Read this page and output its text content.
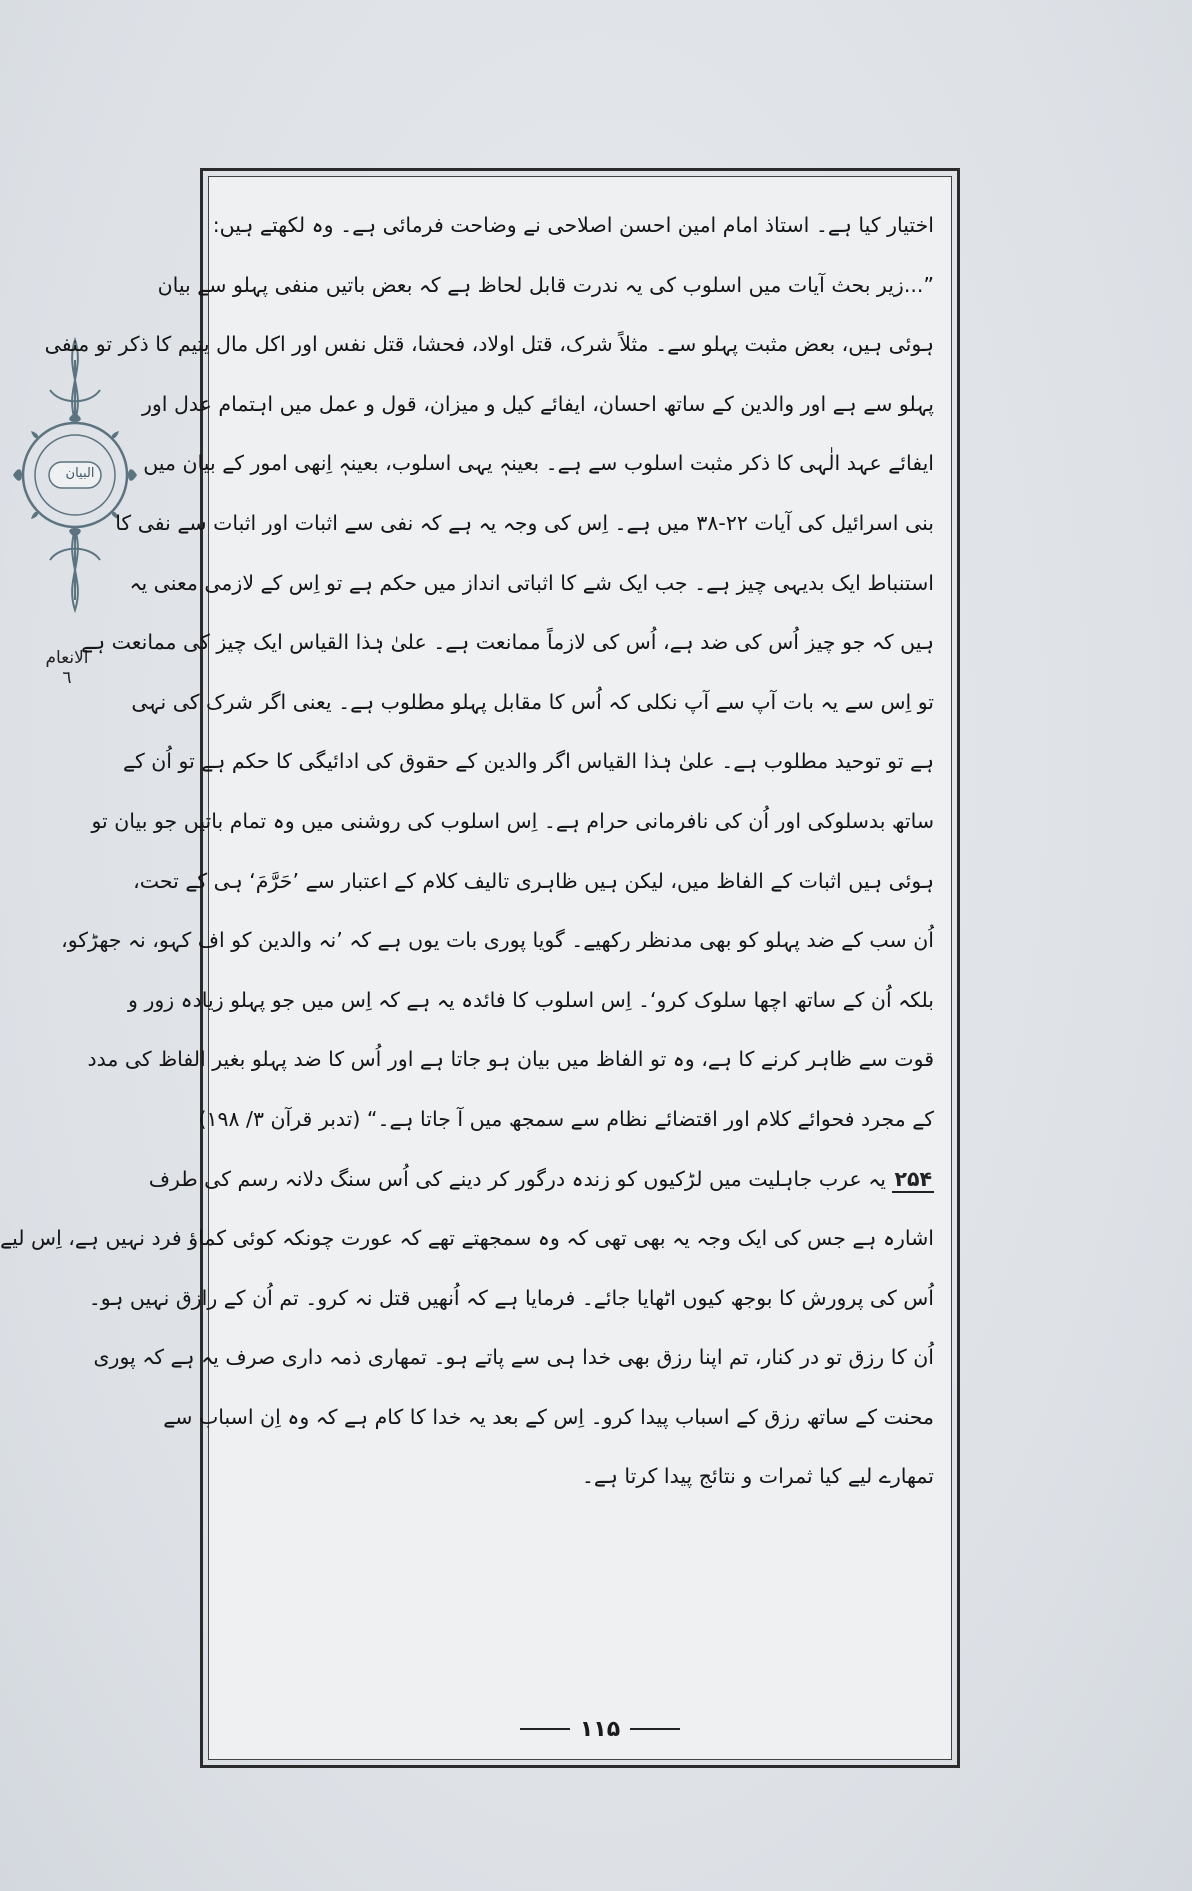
البیان
الانعام
٦
اختیار کیا ہے۔ استاذ امام امین احسن اصلاحی نے وضاحت فرمائی ہے۔ وہ لکھتے ہیں:
”...زیر بحث آیات میں اسلوب کی یہ ندرت قابل لحاظ ہے کہ بعض باتیں منفی پہلو سے بیان
ہوئی ہیں، بعض مثبت پہلو سے۔ مثلاً شرک، قتل اولاد، فحشا، قتل نفس اور اکل مال یتیم کا ذکر تو منفی
پہلو سے ہے اور والدین کے ساتھ احسان، ایفائے کیل و میزان، قول و عمل میں اہتمام عدل اور
ایفائے عہد الٰہی کا ذکر مثبت اسلوب سے ہے۔ بعینہٖ یہی اسلوب، بعینہٖ اِنھی امور کے بیان میں
بنی اسرائیل کی آیات ۲۲-۳۸ میں ہے۔ اِس کی وجہ یہ ہے کہ نفی سے اثبات اور اثبات سے نفی کا
استنباط ایک بدیہی چیز ہے۔ جب ایک شے کا اثباتی انداز میں حکم ہے تو اِس کے لازمی معنی یہ
ہیں کہ جو چیز اُس کی ضد ہے، اُس کی لازماً ممانعت ہے۔ علیٰ ہٰذا القیاس ایک چیز کی ممانعت ہے
تو اِس سے یہ بات آپ سے آپ نکلی کہ اُس کا مقابل پہلو مطلوب ہے۔ یعنی اگر شرک کی نہی
ہے تو توحید مطلوب ہے۔ علیٰ ہٰذا القیاس اگر والدین کے حقوق کی ادائیگی کا حکم ہے تو اُن کے
ساتھ بدسلوکی اور اُن کی نافرمانی حرام ہے۔ اِس اسلوب کی روشنی میں وہ تمام باتیں جو بیان تو
ہوئی ہیں اثبات کے الفاظ میں، لیکن ہیں ظاہری تالیف کلام کے اعتبار سے ’حَرَّمَ‘ ہی کے تحت،
اُن سب کے ضد پہلو کو بھی مدنظر رکھیے۔ گویا پوری بات یوں ہے کہ ’نہ والدین کو اف کہو، نہ جھڑکو،
بلکہ اُن کے ساتھ اچھا سلوک کرو‘۔ اِس اسلوب کا فائدہ یہ ہے کہ اِس میں جو پہلو زیادہ زور و
قوت سے ظاہر کرنے کا ہے، وہ تو الفاظ میں بیان ہو جاتا ہے اور اُس کا ضد پہلو بغیر الفاظ کی مدد
کے مجرد فحوائے کلام اور اقتضائے نظام سے سمجھ میں آ جاتا ہے۔“ (تدبر قرآن ۳/ ۱۹۸)
۲۵۴ یہ عرب جاہلیت میں لڑکیوں کو زندہ درگور کر دینے کی اُس سنگ دلانہ رسم کی طرف
اشارہ ہے جس کی ایک وجہ یہ بھی تھی کہ وہ سمجھتے تھے کہ عورت چونکہ کوئی کماؤ فرد نہیں ہے، اِس لیے
اُس کی پرورش کا بوجھ کیوں اٹھایا جائے۔ فرمایا ہے کہ اُنھیں قتل نہ کرو۔ تم اُن کے رازق نہیں ہو۔
اُن کا رزق تو در کنار، تم اپنا رزق بھی خدا ہی سے پاتے ہو۔ تمھاری ذمہ داری صرف یہ ہے کہ پوری
محنت کے ساتھ رزق کے اسباب پیدا کرو۔ اِس کے بعد یہ خدا کا کام ہے کہ وہ اِن اسباب سے
تمھارے لیے کیا ثمرات و نتائج پیدا کرتا ہے۔
۱۱۵
